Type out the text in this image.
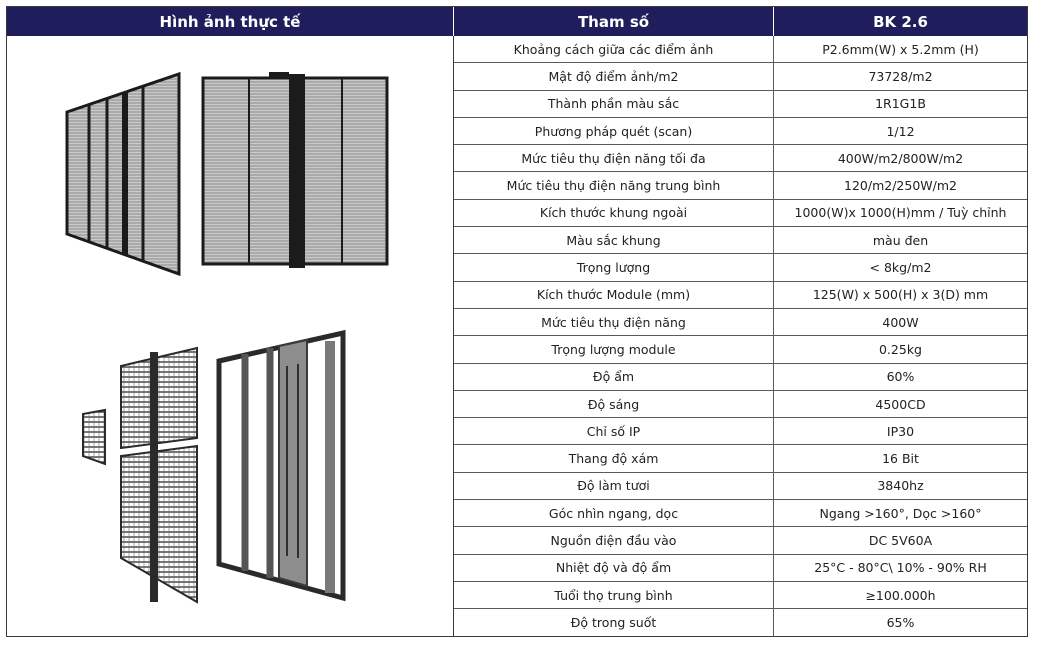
Hình ảnh thực tế	Tham số	BK 2.6
Khoảng cách giữa các điểm ảnh	P2.6mm(W) x 5.2mm (H)
Mật độ điểm ảnh/m2	73728/m2
Thành phần màu sắc	1R1G1B
Phương pháp quét (scan)	1/12
Mức tiêu thụ điện năng tối đa	400W/m2/800W/m2
Mức tiêu thụ điện năng trung bình	120/m2/250W/m2
Kích thước khung ngoài	1000(W)x 1000(H)mm / Tuỳ chỉnh
Màu sắc khung	màu đen
Trọng lượng	< 8kg/m2
Kích thước Module (mm)	125(W) x 500(H) x 3(D) mm
Mức tiêu thụ điện năng	400W
Trọng lượng module	0.25kg
Độ ẩm	60%
Độ sáng	4500CD
Chỉ số IP	IP30
Thang độ xám	16 Bit
Độ làm tươi	3840hz
Góc nhìn ngang, dọc	Ngang >160°, Dọc >160°
Nguồn điện đầu vào	DC 5V60A
Nhiệt độ và độ ẩm	25°C - 80°C\ 10% - 90% RH
Tuổi thọ trung bình	≥100.000h
Độ trong suốt	65%
